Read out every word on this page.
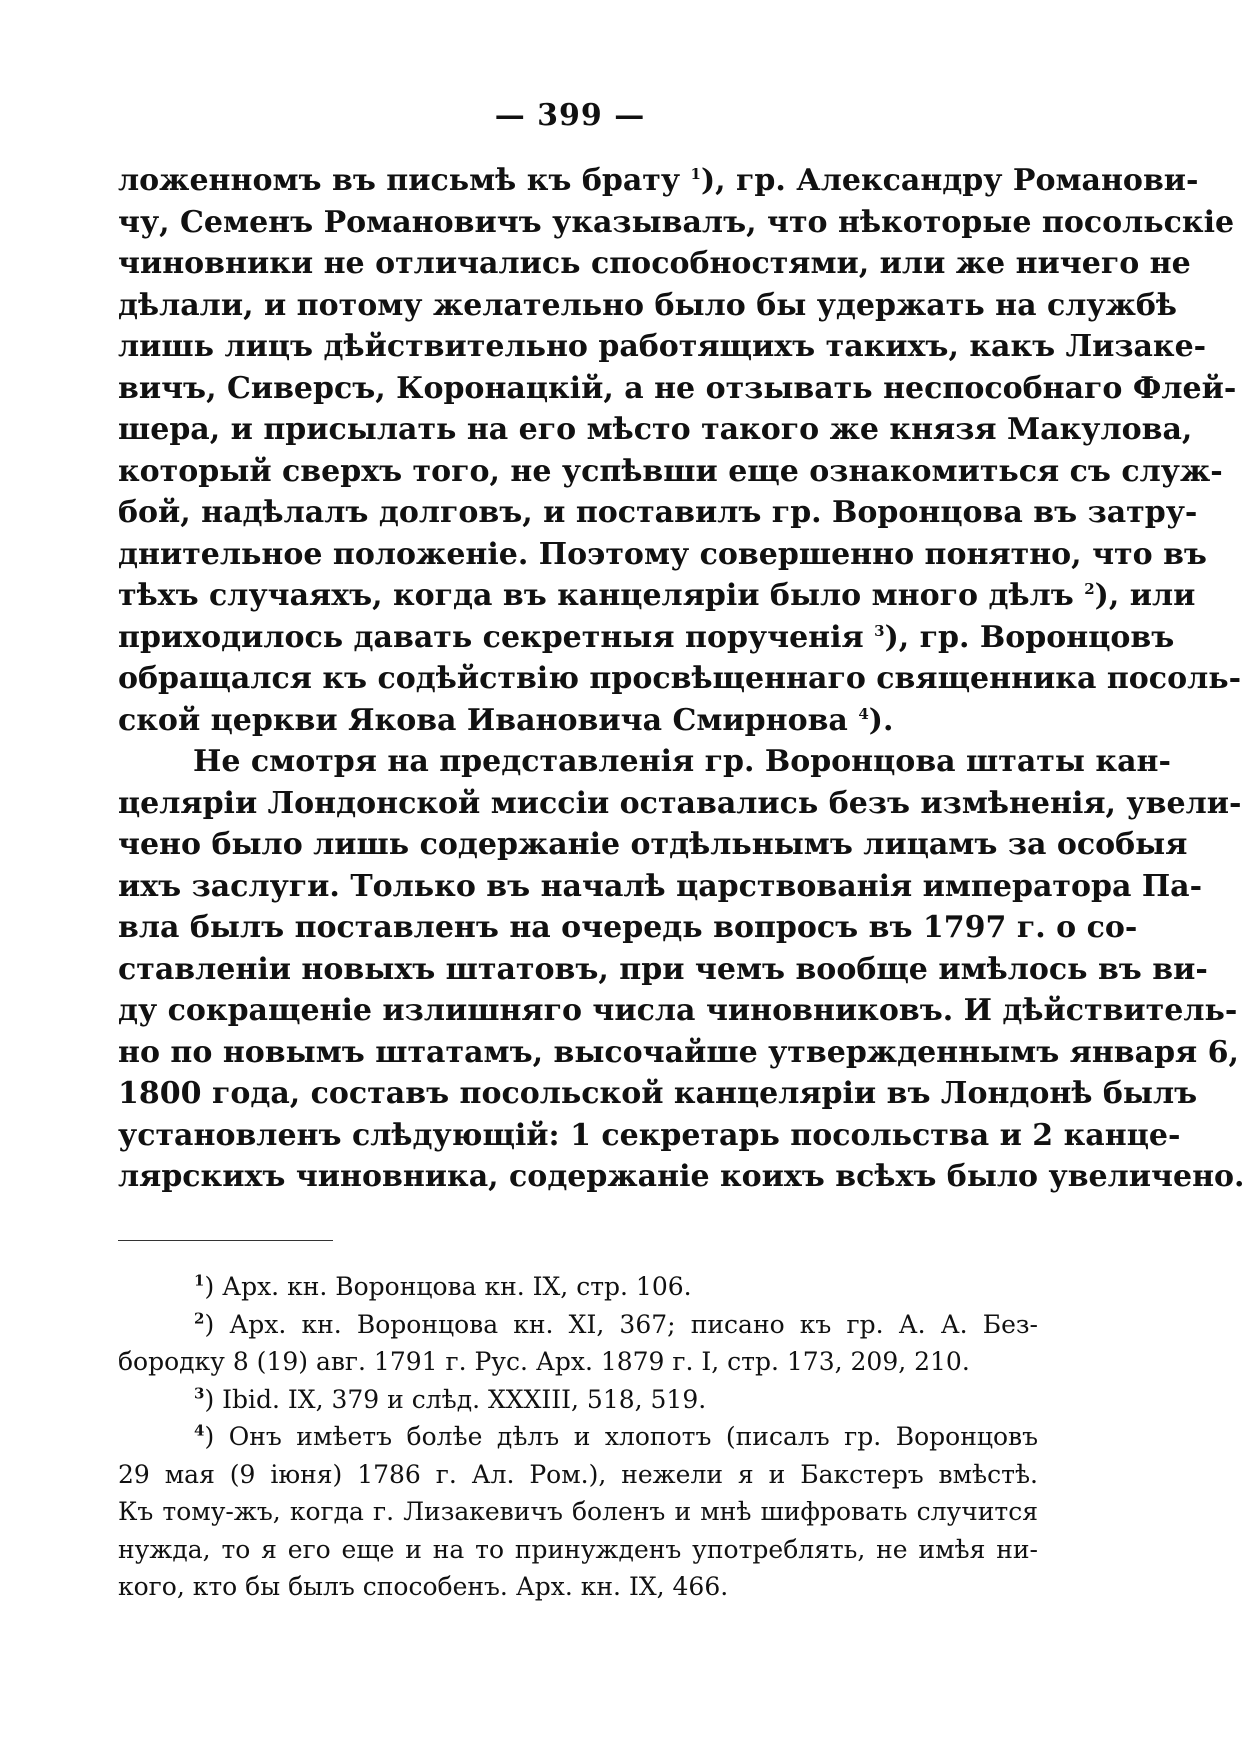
— 399 —
ложенномъ въ письмѣ къ брату $^1$), гр. Александру Романови-
чу, Семенъ Романовичъ указывалъ, что нѣкоторые посольскіе
чиновники не отличались способностями, или же ничего не
дѣлали, и потому желательно было бы удержать на службѣ
лишь лицъ дѣйствительно работящихъ такихъ, какъ Лизаке-
вичъ, Сиверсъ, Коронацкій, а не отзывать неспособнаго Флей-
шера, и присылать на его мѣсто такого же князя Макулова,
который сверхъ того, не успѣвши еще ознакомиться съ служ-
бой, надѣлалъ долговъ, и поставилъ гр. Воронцова въ затру-
днительное положеніе. Поэтому совершенно понятно, что въ
тѣхъ случаяхъ, когда въ канцеляріи было много дѣлъ $^2$), или
приходилось давать секретныя порученія $^3$), гр. Воронцовъ
обращался къ содѣйствію просвѣщеннаго священника посоль-
ской церкви Якова Ивановича Смирнова $^4$).
Не смотря на представленія гр. Воронцова штаты кан-
целяріи Лондонской миссіи оставались безъ измѣненія, увели-
чено было лишь содержаніе отдѣльнымъ лицамъ за особыя
ихъ заслуги. Только въ началѣ царствованія императора Па-
вла былъ поставленъ на очередь вопросъ въ 1797 г. о со-
ставленіи новыхъ штатовъ, при чемъ вообще имѣлось въ ви-
ду сокращеніе излишняго числа чиновниковъ. И дѣйствитель-
но по новымъ штатамъ, высочайше утвержденнымъ января 6,
1800 года, составъ посольской канцеляріи въ Лондонѣ былъ
установленъ слѣдующій: 1 секретарь посольства и 2 канце-
лярскихъ чиновника, содержаніе коихъ всѣхъ было увеличено.
$^1$) Арх. кн. Воронцова кн. IX, стр. 106.
$^2$) Арх. кн. Воронцова кн. XI, 367; писано къ гр. А. А. Без-
бородку 8 (19) авг. 1791 г. Рус. Арх. 1879 г. I, стр. 173, 209, 210.
$^3$) Ibid. IX, 379 и слѣд. XXXIII, 518, 519.
$^4$) Онъ имѣетъ болѣе дѣлъ и хлопотъ (писалъ гр. Воронцовъ
29 мая (9 іюня) 1786 г. Ал. Ром.), нежели я и Бакстеръ вмѣстѣ.
Къ тому-жъ, когда г. Лизакевичъ боленъ и мнѣ шифровать случится
нужда, то я его еще и на то принужденъ употреблять, не имѣя ни-
кого, кто бы былъ способенъ. Арх. кн. IX, 466.
